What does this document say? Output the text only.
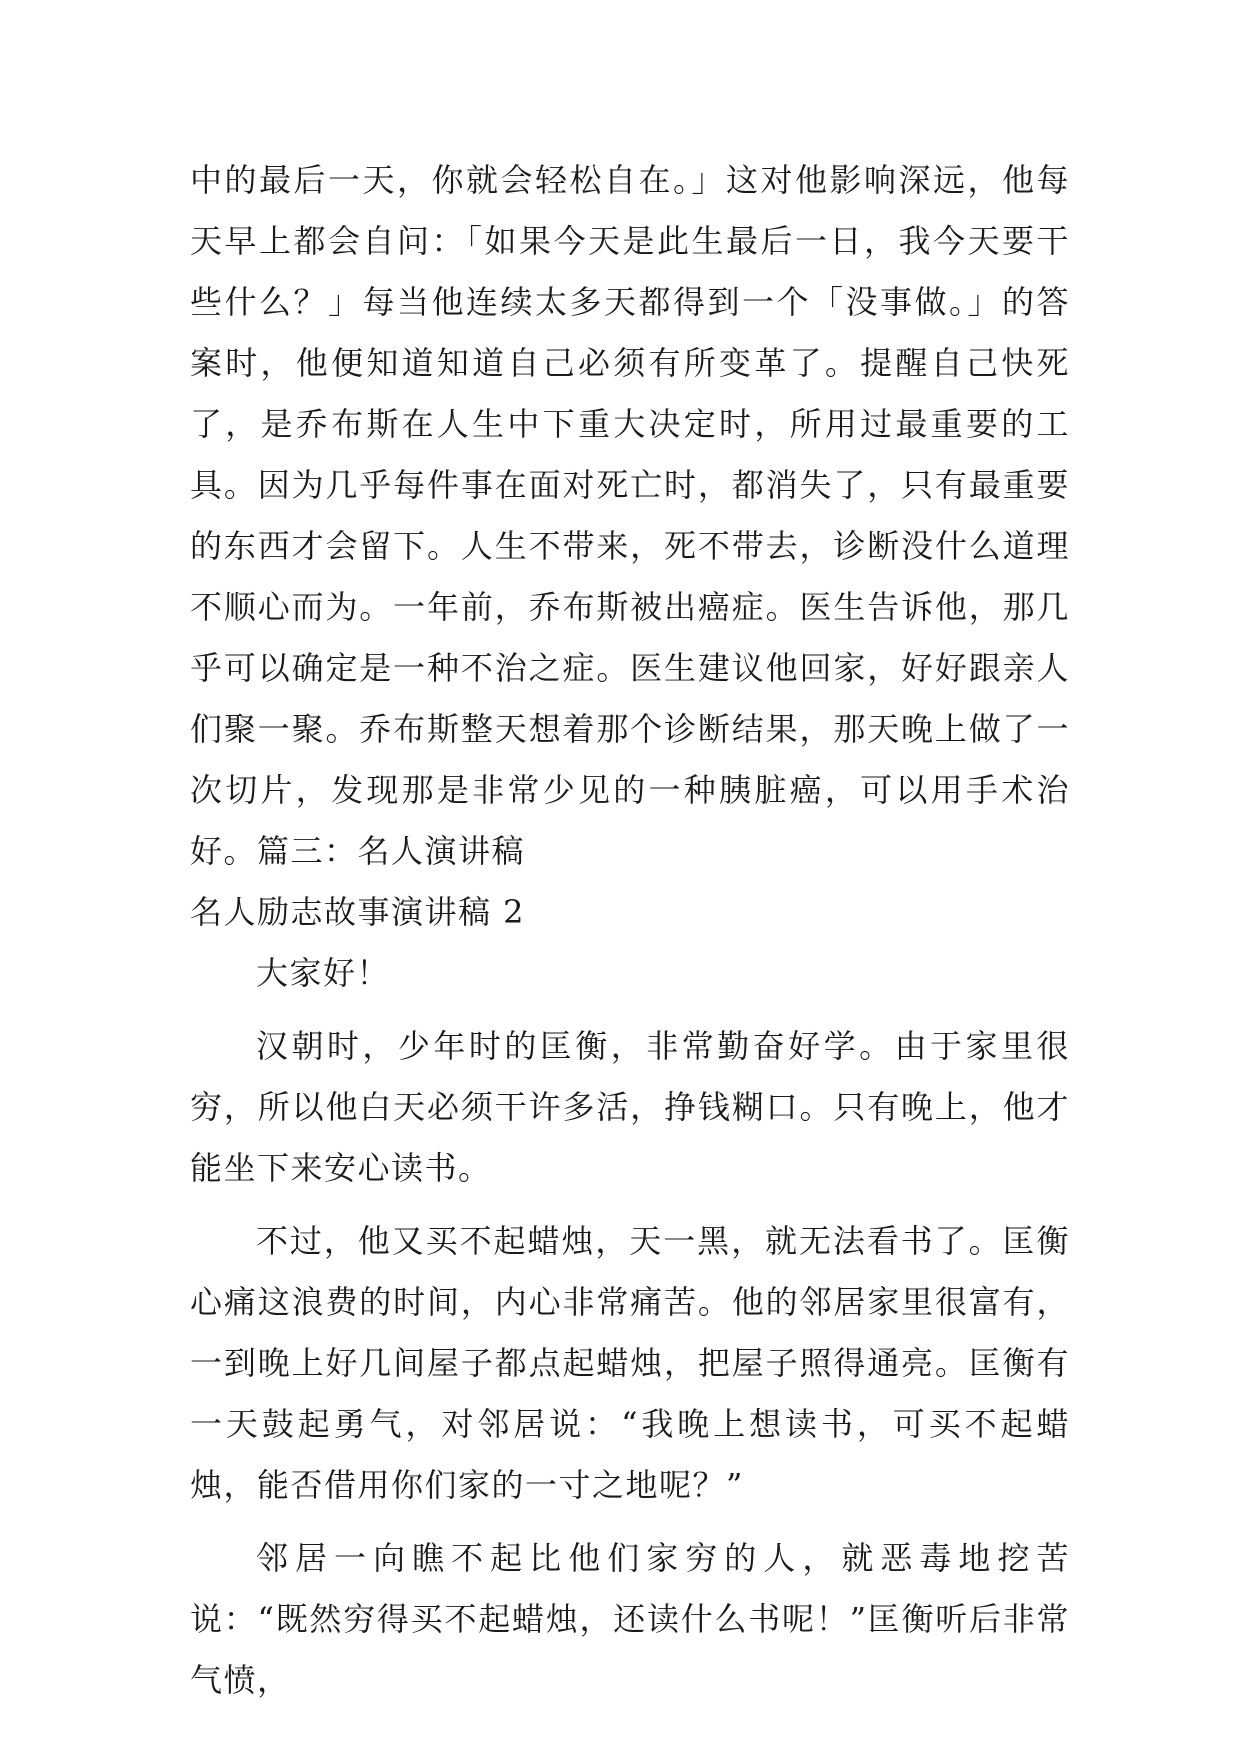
中的最后一天，你就会轻松自在。」这对他影响深远，他每天早上都会自问：「如果今天是此生最后一日，我今天要干些什么？」每当他连续太多天都得到一个「没事做。」的答案时，他便知道知道自己必须有所变革了。提醒自己快死了，是乔布斯在人生中下重大决定时，所用过最重要的工具。因为几乎每件事在面对死亡时，都消失了，只有最重要的东西才会留下。人生不带来，死不带去，诊断没什么道理不顺心而为。一年前，乔布斯被出癌症。医生告诉他，那几乎可以确定是一种不治之症。医生建议他回家，好好跟亲人们聚一聚。乔布斯整天想着那个诊断结果，那天晚上做了一次切片，发现那是非常少见的一种胰脏癌，可以用手术治好。篇三：名人演讲稿

名人励志故事演讲稿 2

大家好！

汉朝时，少年时的匡衡，非常勤奋好学。由于家里很穷，所以他白天必须干许多活，挣钱糊口。只有晚上，他才能坐下来安心读书。

不过，他又买不起蜡烛，天一黑，就无法看书了。匡衡心痛这浪费的时间，内心非常痛苦。他的邻居家里很富有，一到晚上好几间屋子都点起蜡烛，把屋子照得通亮。匡衡有一天鼓起勇气，对邻居说：“我晚上想读书，可买不起蜡烛，能否借用你们家的一寸之地呢？”

邻居一向瞧不起比他们家穷的人，就恶毒地挖苦说：“既然穷得买不起蜡烛，还读什么书呢！”匡衡听后非常气愤，
